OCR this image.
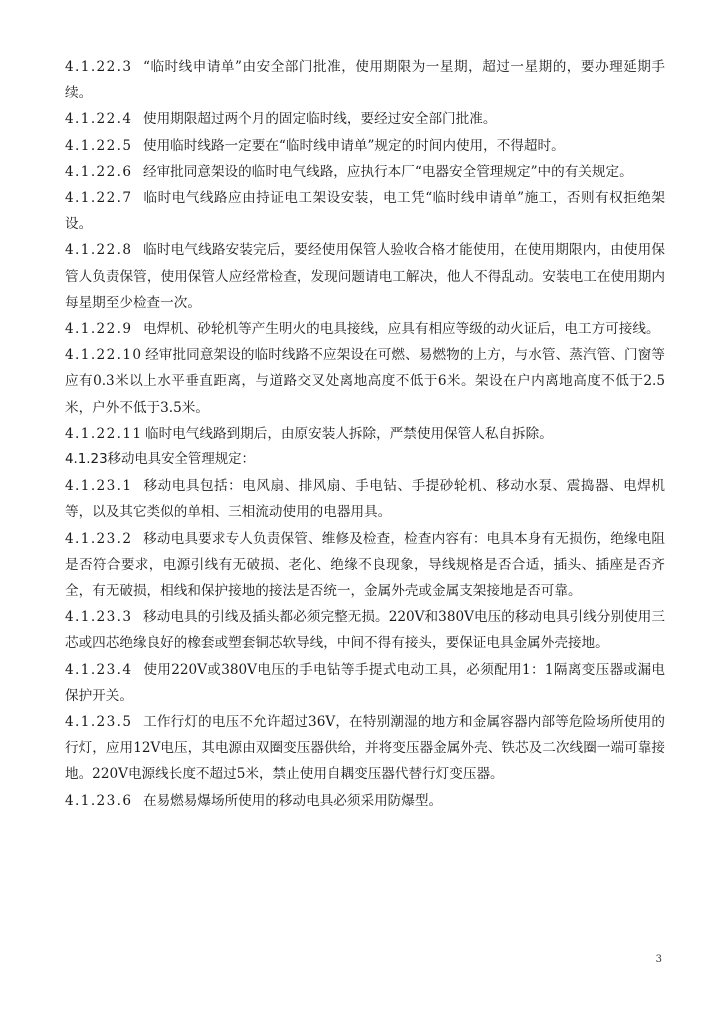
4.1.22.3 “临时线申请单”由安全部门批准，使用期限为一星期，超过一星期的，要办理延期手续。

4.1.22.4 使用期限超过两个月的固定临时线，要经过安全部门批准。

4.1.22.5 使用临时线路一定要在“临时线申请单”规定的时间内使用，不得超时。

4.1.22.6 经审批同意架设的临时电气线路，应执行本厂“电器安全管理规定”中的有关规定。

4.1.22.7 临时电气线路应由持证电工架设安装，电工凭“临时线申请单”施工，否则有权拒绝架设。

4.1.22.8 临时电气线路安装完后，要经使用保管人验收合格才能使用，在使用期限内，由使用保管人负责保管，使用保管人应经常检查，发现问题请电工解决，他人不得乱动。安装电工在使用期内每星期至少检查一次。

4.1.22.9 电焊机、砂轮机等产生明火的电具接线，应具有相应等级的动火证后，电工方可接线。

4.1.22.10 经审批同意架设的临时线路不应架设在可燃、易燃物的上方，与水管、蒸汽管、门窗等应有0.3米以上水平垂直距离，与道路交叉处离地高度不低于6米。架设在户内离地高度不低于2.5米，户外不低于3.5米。

4.1.22.11 临时电气线路到期后，由原安装人拆除，严禁使用保管人私自拆除。

4.1.23移动电具安全管理规定：

4.1.23.1 移动电具包括：电风扇、排风扇、手电钻、手提砂轮机、移动水泵、震捣器、电焊机等，以及其它类似的单相、三相流动使用的电器用具。

4.1.23.2 移动电具要求专人负责保管、维修及检查，检查内容有：电具本身有无损伤，绝缘电阻是否符合要求，电源引线有无破损、老化、绝缘不良现象，导线规格是否合适，插头、插座是否齐全，有无破损，相线和保护接地的接法是否统一，金属外壳或金属支架接地是否可靠。

4.1.23.3 移动电具的引线及插头都必须完整无损。220V和380V电压的移动电具引线分别使用三芯或四芯绝缘良好的橡套或塑套铜芯软导线，中间不得有接头，要保证电具金属外壳接地。

4.1.23.4 使用220V或380V电压的手电钻等手提式电动工具，必须配用1：1隔离变压器或漏电保护开关。

4.1.23.5 工作行灯的电压不允许超过36V，在特别潮湿的地方和金属容器内部等危险场所使用的行灯，应用12V电压，其电源由双圈变压器供给，并将变压器金属外壳、铁芯及二次线圈一端可靠接地。220V电源线长度不超过5米，禁止使用自耦变压器代替行灯变压器。

4.1.23.6 在易燃易爆场所使用的移动电具必须采用防爆型。

3
